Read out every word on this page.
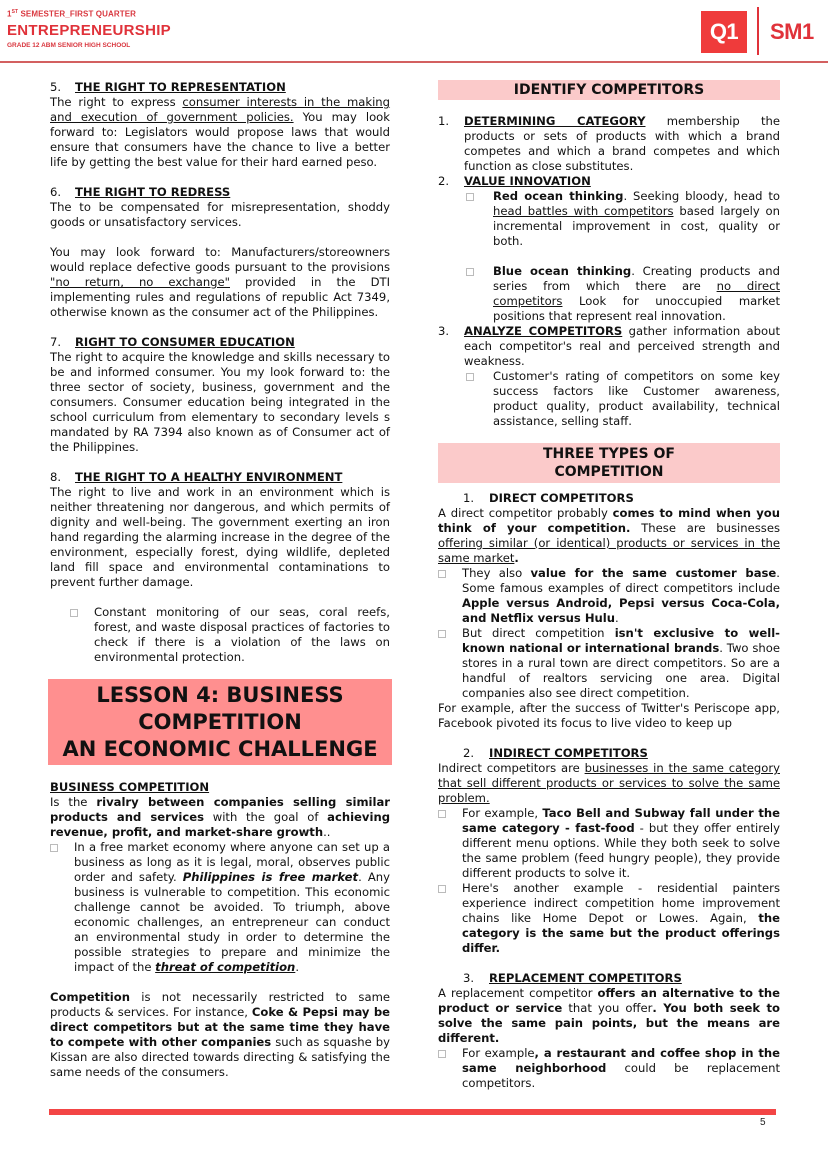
1ST SEMESTER_FIRST QUARTER
ENTREPRENEURSHIP
GRADE 12 ABM SENIOR HIGH SCHOOL
Q1	SM1
5.	THE RIGHT TO REPRESENTATION

The right to express consumer interests in the making and execution of government policies. You may look forward to: Legislators would propose laws that would ensure that consumers have the chance to live a better life by getting the best value for their hard earned peso.

6.	THE RIGHT TO REDRESS

The to be compensated for misrepresentation, shoddy goods or unsatisfactory services.

You may look forward to: Manufacturers/storeowners would replace defective goods pursuant to the provisions "no return, no exchange" provided in the DTI implementing rules and regulations of republic Act 7349, otherwise known as the consumer act of the Philippines.

7.	RIGHT TO CONSUMER EDUCATION

The right to acquire the knowledge and skills necessary to be and informed consumer. You my look forward to: the three sector of society, business, government and the consumers. Consumer education being integrated in the school curriculum from elementary to secondary levels s mandated by RA 7394 also known as of Consumer act of the Philippines.

8.	THE RIGHT TO A HEALTHY ENVIRONMENT

The right to live and work in an environment which is neither threatening nor dangerous, and which permits of dignity and well-being. The government exerting an iron hand regarding the alarming increase in the degree of the environment, especially forest, dying wildlife, depleted land fill space and environmental contaminations to prevent further damage.

Constant monitoring of our seas, coral reefs, forest, and waste disposal practices of factories to check if there is a violation of the laws on environmental protection.
LESSON 4: BUSINESS
COMPETITION
AN ECONOMIC CHALLENGE
BUSINESS COMPETITION

Is the rivalry between companies selling similar products and services with the goal of achieving revenue, profit, and market-share growth..

In a free market economy where anyone can set up a business as long as it is legal, moral, observes public order and safety. Philippines is free market. Any business is vulnerable to competition. This economic challenge cannot be avoided. To triumph, above economic challenges, an entrepreneur can conduct an environmental study in order to determine the possible strategies to prepare and minimize the impact of the threat of competition.

Competition is not necessarily restricted to same products & services. For instance, Coke & Pepsi may be direct competitors but at the same time they have to compete with other companies such as squashe by Kissan are also directed towards directing & satisfying the same needs of the consumers.

IDENTIFY COMPETITORS
1.	DETERMINING CATEGORY membership the products or sets of products with which a brand competes and which a brand competes and which function as close substitutes.
2.	VALUE INNOVATION
Red ocean thinking. Seeking bloody, head to head battles with competitors based largely on incremental improvement in cost, quality or both.
Blue ocean thinking. Creating products and series from which there are no direct competitors Look for unoccupied market positions that represent real innovation.
3.	ANALYZE COMPETITORS gather information about each competitor's real and perceived strength and weakness.
Customer's rating of competitors on some key success factors like Customer awareness, product quality, product availability, technical assistance, selling staff.
THREE TYPES OF
COMPETITION
1.	DIRECT COMPETITORS

A direct competitor probably comes to mind when you think of your competition. These are businesses offering similar (or identical) products or services in the same market.

They also value for the same customer base. Some famous examples of direct competitors include Apple versus Android, Pepsi versus Coca-Cola, and Netflix versus Hulu.
But direct competition isn't exclusive to well-known national or international brands. Two shoe stores in a rural town are direct competitors. So are a handful of realtors servicing one area. Digital companies also see direct competition.

For example, after the success of Twitter's Periscope app, Facebook pivoted its focus to live video to keep up

2.	INDIRECT COMPETITORS

Indirect competitors are businesses in the same category that sell different products or services to solve the same problem.

For example, Taco Bell and Subway fall under the same category - fast-food - but they offer entirely different menu options. While they both seek to solve the same problem (feed hungry people), they provide different products to solve it.
Here's another example - residential painters experience indirect competition home improvement chains like Home Depot or Lowes. Again, the category is the same but the product offerings differ.
3.	REPLACEMENT COMPETITORS

A replacement competitor offers an alternative to the product or service that you offer. You both seek to solve the same pain points, but the means are different.

For example, a restaurant and coffee shop in the same neighborhood could be replacement competitors.
5
